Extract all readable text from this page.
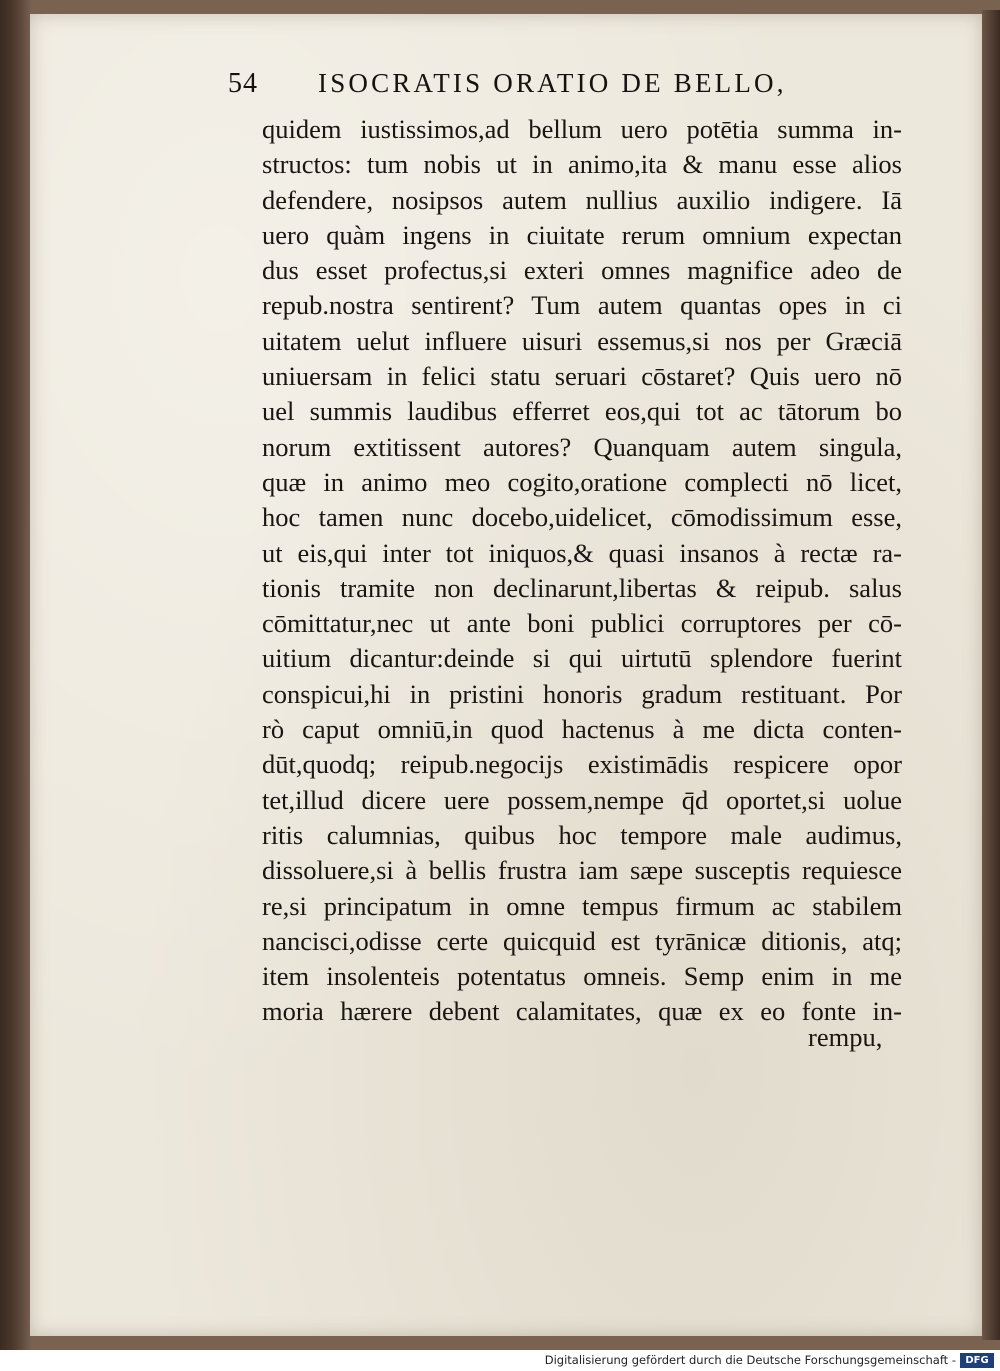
54 ISOCRATIS ORATIO DE BELLO,
quidem iustissimos,ad bellum uero potētia summa in-
structos: tum nobis ut in animo,ita & manu esse alios
defendere, nosipsos autem nullius auxilio indigere. Iā
uero quàm ingens in ciuitate rerum omnium expectan
dus esset profectus,si exteri omnes magnifice adeo de
repub.nostra sentirent? Tum autem quantas opes in ci
uitatem uelut influere uisuri essemus,si nos per Græciā
uniuersam in felici statu seruari cōstaret? Quis uero nō
uel summis laudibus efferret eos,qui tot ac tātorum bo
norum extitissent autores? Quanquam autem singula,
quæ in animo meo cogito,oratione complecti nō licet,
hoc tamen nunc docebo,uidelicet, cōmodissimum esse,
ut eis,qui inter tot iniquos,& quasi insanos à rectæ ra-
tionis tramite non declinarunt,libertas & reipub. salus
cōmittatur,nec ut ante boni publici corruptores per cō-
uitium dicantur:deinde si qui uirtutū splendore fuerint
conspicui,hi in pristini honoris gradum restituant. Por
rò caput omniū,in quod hactenus à me dicta conten-
dūt,quodq; reipub.negocijs existimādis respicere opor
tet,illud dicere uere possem,nempe q̄d oportet,si uolue
ritis calumnias, quibus hoc tempore male audimus,
dissoluere,si à bellis frustra iam sæpe susceptis requiesce
re,si principatum in omne tempus firmum ac stabilem
nancisci,odisse certe quicquid est tyrānicæ ditionis, atq;
item insolenteis potentatus omneis. Semp enim in me
moria hærere debent calamitates, quæ ex eo fonte in-
rempu,
Digitalisierung gefördert durch die Deutsche Forschungsgemeinschaft - DFG
